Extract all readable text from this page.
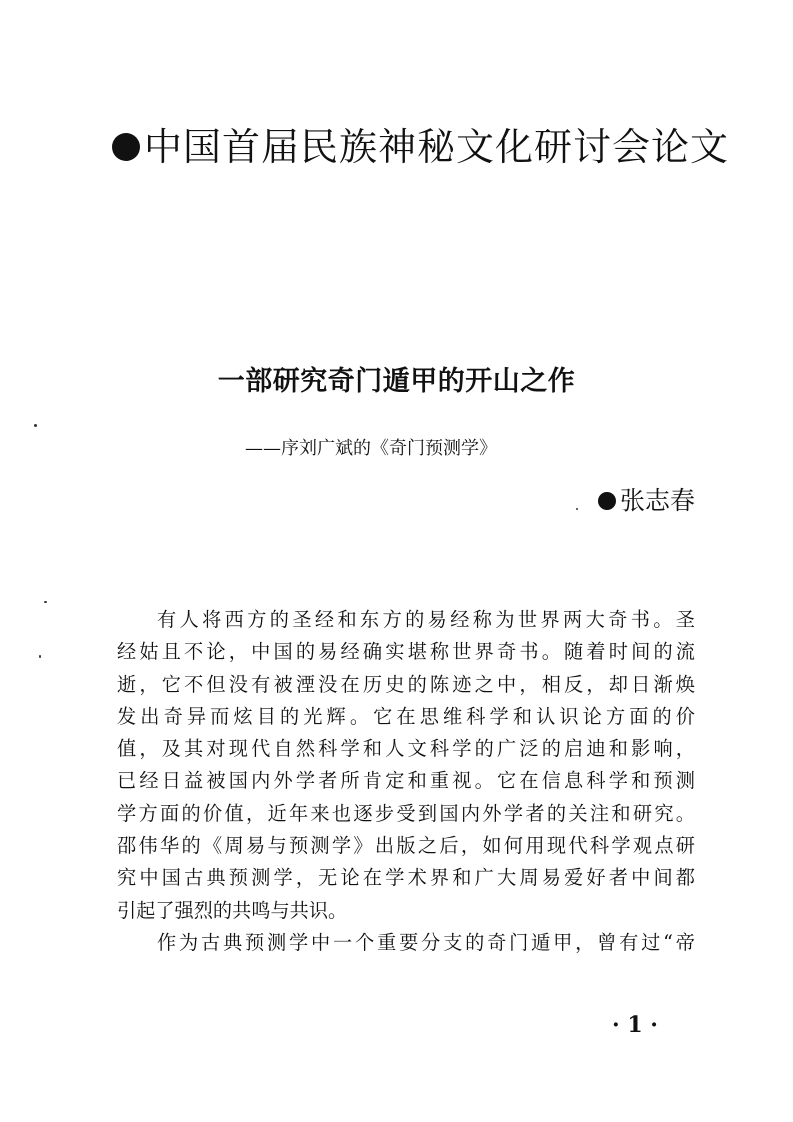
中国首届民族神秘文化研讨会论文
一部研究奇门遁甲的开山之作
——序刘广斌的《奇门预测学》
张志春
有人将西方的圣经和东方的易经称为世界两大奇书。圣
经姑且不论，中国的易经确实堪称世界奇书。随着时间的流
逝，它不但没有被湮没在历史的陈迹之中，相反，却日渐焕
发出奇异而炫目的光辉。它在思维科学和认识论方面的价
值，及其对现代自然科学和人文科学的广泛的启迪和影响，
已经日益被国内外学者所肯定和重视。它在信息科学和预测
学方面的价值，近年来也逐步受到国内外学者的关注和研究。
邵伟华的《周易与预测学》出版之后，如何用现代科学观点研
究中国古典预测学，无论在学术界和广大周易爱好者中间都
引起了强烈的共鸣与共识。
作为古典预测学中一个重要分支的奇门遁甲，曾有过“帝
· 1 ·
